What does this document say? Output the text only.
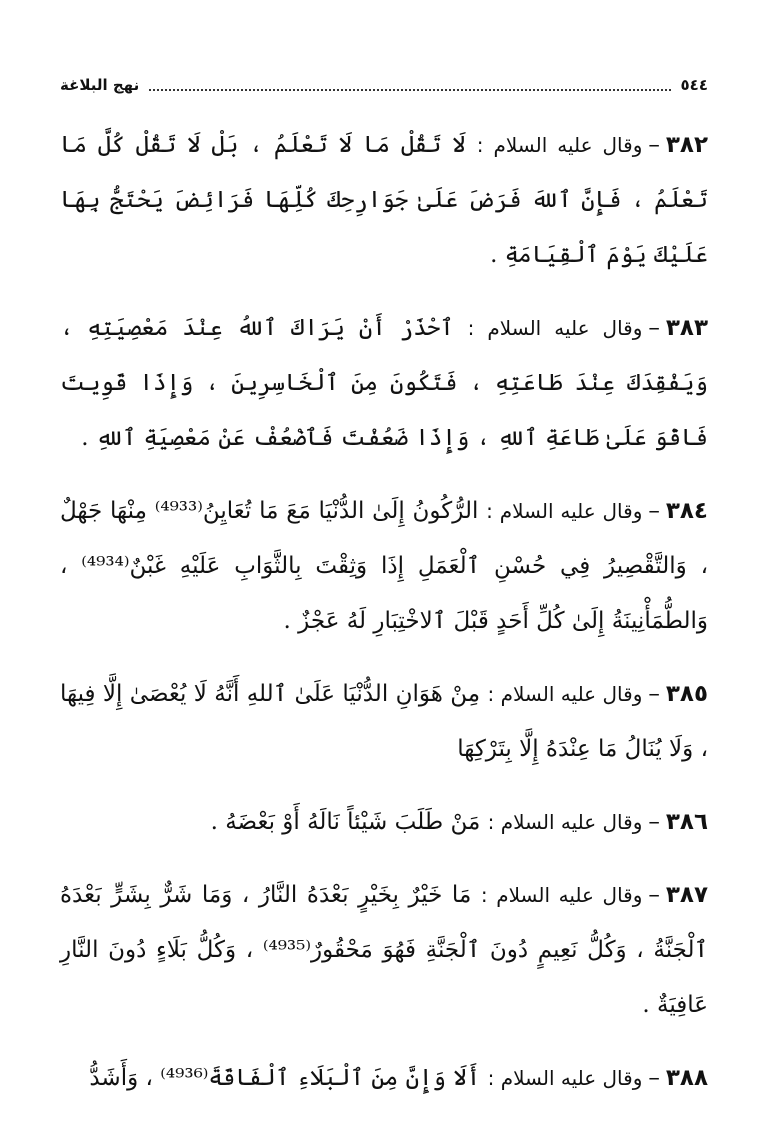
٥٤٤
نهج البلاغة
٣٨٢–وقال عليه السلام : لَا تَقُلْ مَا لَا تَعْلَمُ ، بَلْ لَا تَقُلْ كُلَّ مَا تَعْلَمُ ، فَإِنَّ ٱللهَ فَرَضَ عَلَىٰ جَوَارِحِكَ كُلِّهَا فَرَائِضَ يَحْتَجُّ بِهَا عَلَيْكَ يَوْمَ ٱلْقِيَامَةِ .
٣٨٣–وقال عليه السلام : ٱحْذَرْ أَنْ يَرَاكَ ٱللهُ عِنْدَ مَعْصِيَتِهِ ، وَيَفْقِدَكَ عِنْدَ طَاعَتِهِ ، فَتَكُونَ مِنَ ٱلْخَاسِرِينَ ، وَإِذَا قَوِيتَ فَاقْوَ عَلَىٰ طَاعَةِ ٱللهِ ، وَإِذَا ضَعُفْتَ فَٱضْعُفْ عَنْ مَعْصِيَةِ ٱللهِ .
٣٨٤–وقال عليه السلام : الرُّكُونُ إِلَىٰ الدُّنْيَا مَعَ مَا تُعَايِنُ⁽⁴⁹³³⁾ مِنْهَا جَهْلٌ ، وَالتَّقْصِيرُ فِي حُسْنِ ٱلْعَمَلِ إِذَا وَثِقْتَ بِالثَّوَابِ عَلَيْهِ غَبْنٌ⁽⁴⁹³⁴⁾ ، وَالطُّمَأْنِينَةُ إِلَىٰ كُلِّ أَحَدٍ قَبْلَ ٱلاخْتِبَارِ لَهُ عَجْزٌ .
٣٨٥–وقال عليه السلام : مِنْ هَوَانِ الدُّنْيَا عَلَىٰ ٱللهِ أَنَّهُ لَا يُعْصَىٰ إِلَّا فِيهَا ، وَلَا يُنَالُ مَا عِنْدَهُ إِلَّا بِتَرْكِهَا
٣٨٦–وقال عليه السلام : مَنْ طَلَبَ شَيْئاً نَالَهُ أَوْ بَعْضَهُ .
٣٨٧–وقال عليه السلام : مَا خَيْرٌ بِخَيْرٍ بَعْدَهُ النَّارُ ، وَمَا شَرٌّ بِشَرٍّ بَعْدَهُ ٱلْجَنَّةُ ، وَكُلُّ نَعِيمٍ دُونَ ٱلْجَنَّةِ فَهُوَ مَحْقُورٌ⁽⁴⁹³⁵⁾ ، وَكُلُّ بَلَاءٍ دُونَ النَّارِ عَافِيَةٌ .
٣٨٨–وقال عليه السلام : أَلَا وَإِنَّ مِنَ ٱلْبَلَاءِ ٱلْفَاقَةَ⁽⁴⁹³⁶⁾ ، وَأَشَدُّ
